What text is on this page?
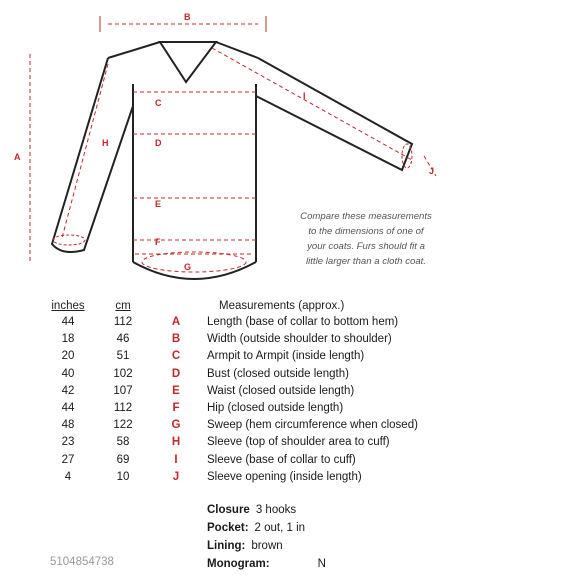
B
A
C
D
E
F
G
H
I
J
Compare these measurements
to the dimensions of one of
your coats. Furs should fit a
little larger than a cloth coat.
inches	cm	Measurements (approx.)
44	112	A	Length (base of collar to bottom hem)
18	46	B	Width (outside shoulder to shoulder)
20	51	C	Armpit to Armpit (inside length)
40	102	D	Bust (closed outside length)
42	107	E	Waist (closed outside length)
44	112	F	Hip (closed outside length)
48	122	G	Sweep (hem circumference when closed)
23	58	H	Sleeve (top of shoulder area to cuff)
27	69	I	Sleeve (base of collar to cuff)
4	10	J	Sleeve opening (inside length)
Closure 3 hooks
Pocket: 2 out, 1 in
Lining: brown
Monogram:	N
5104854738
